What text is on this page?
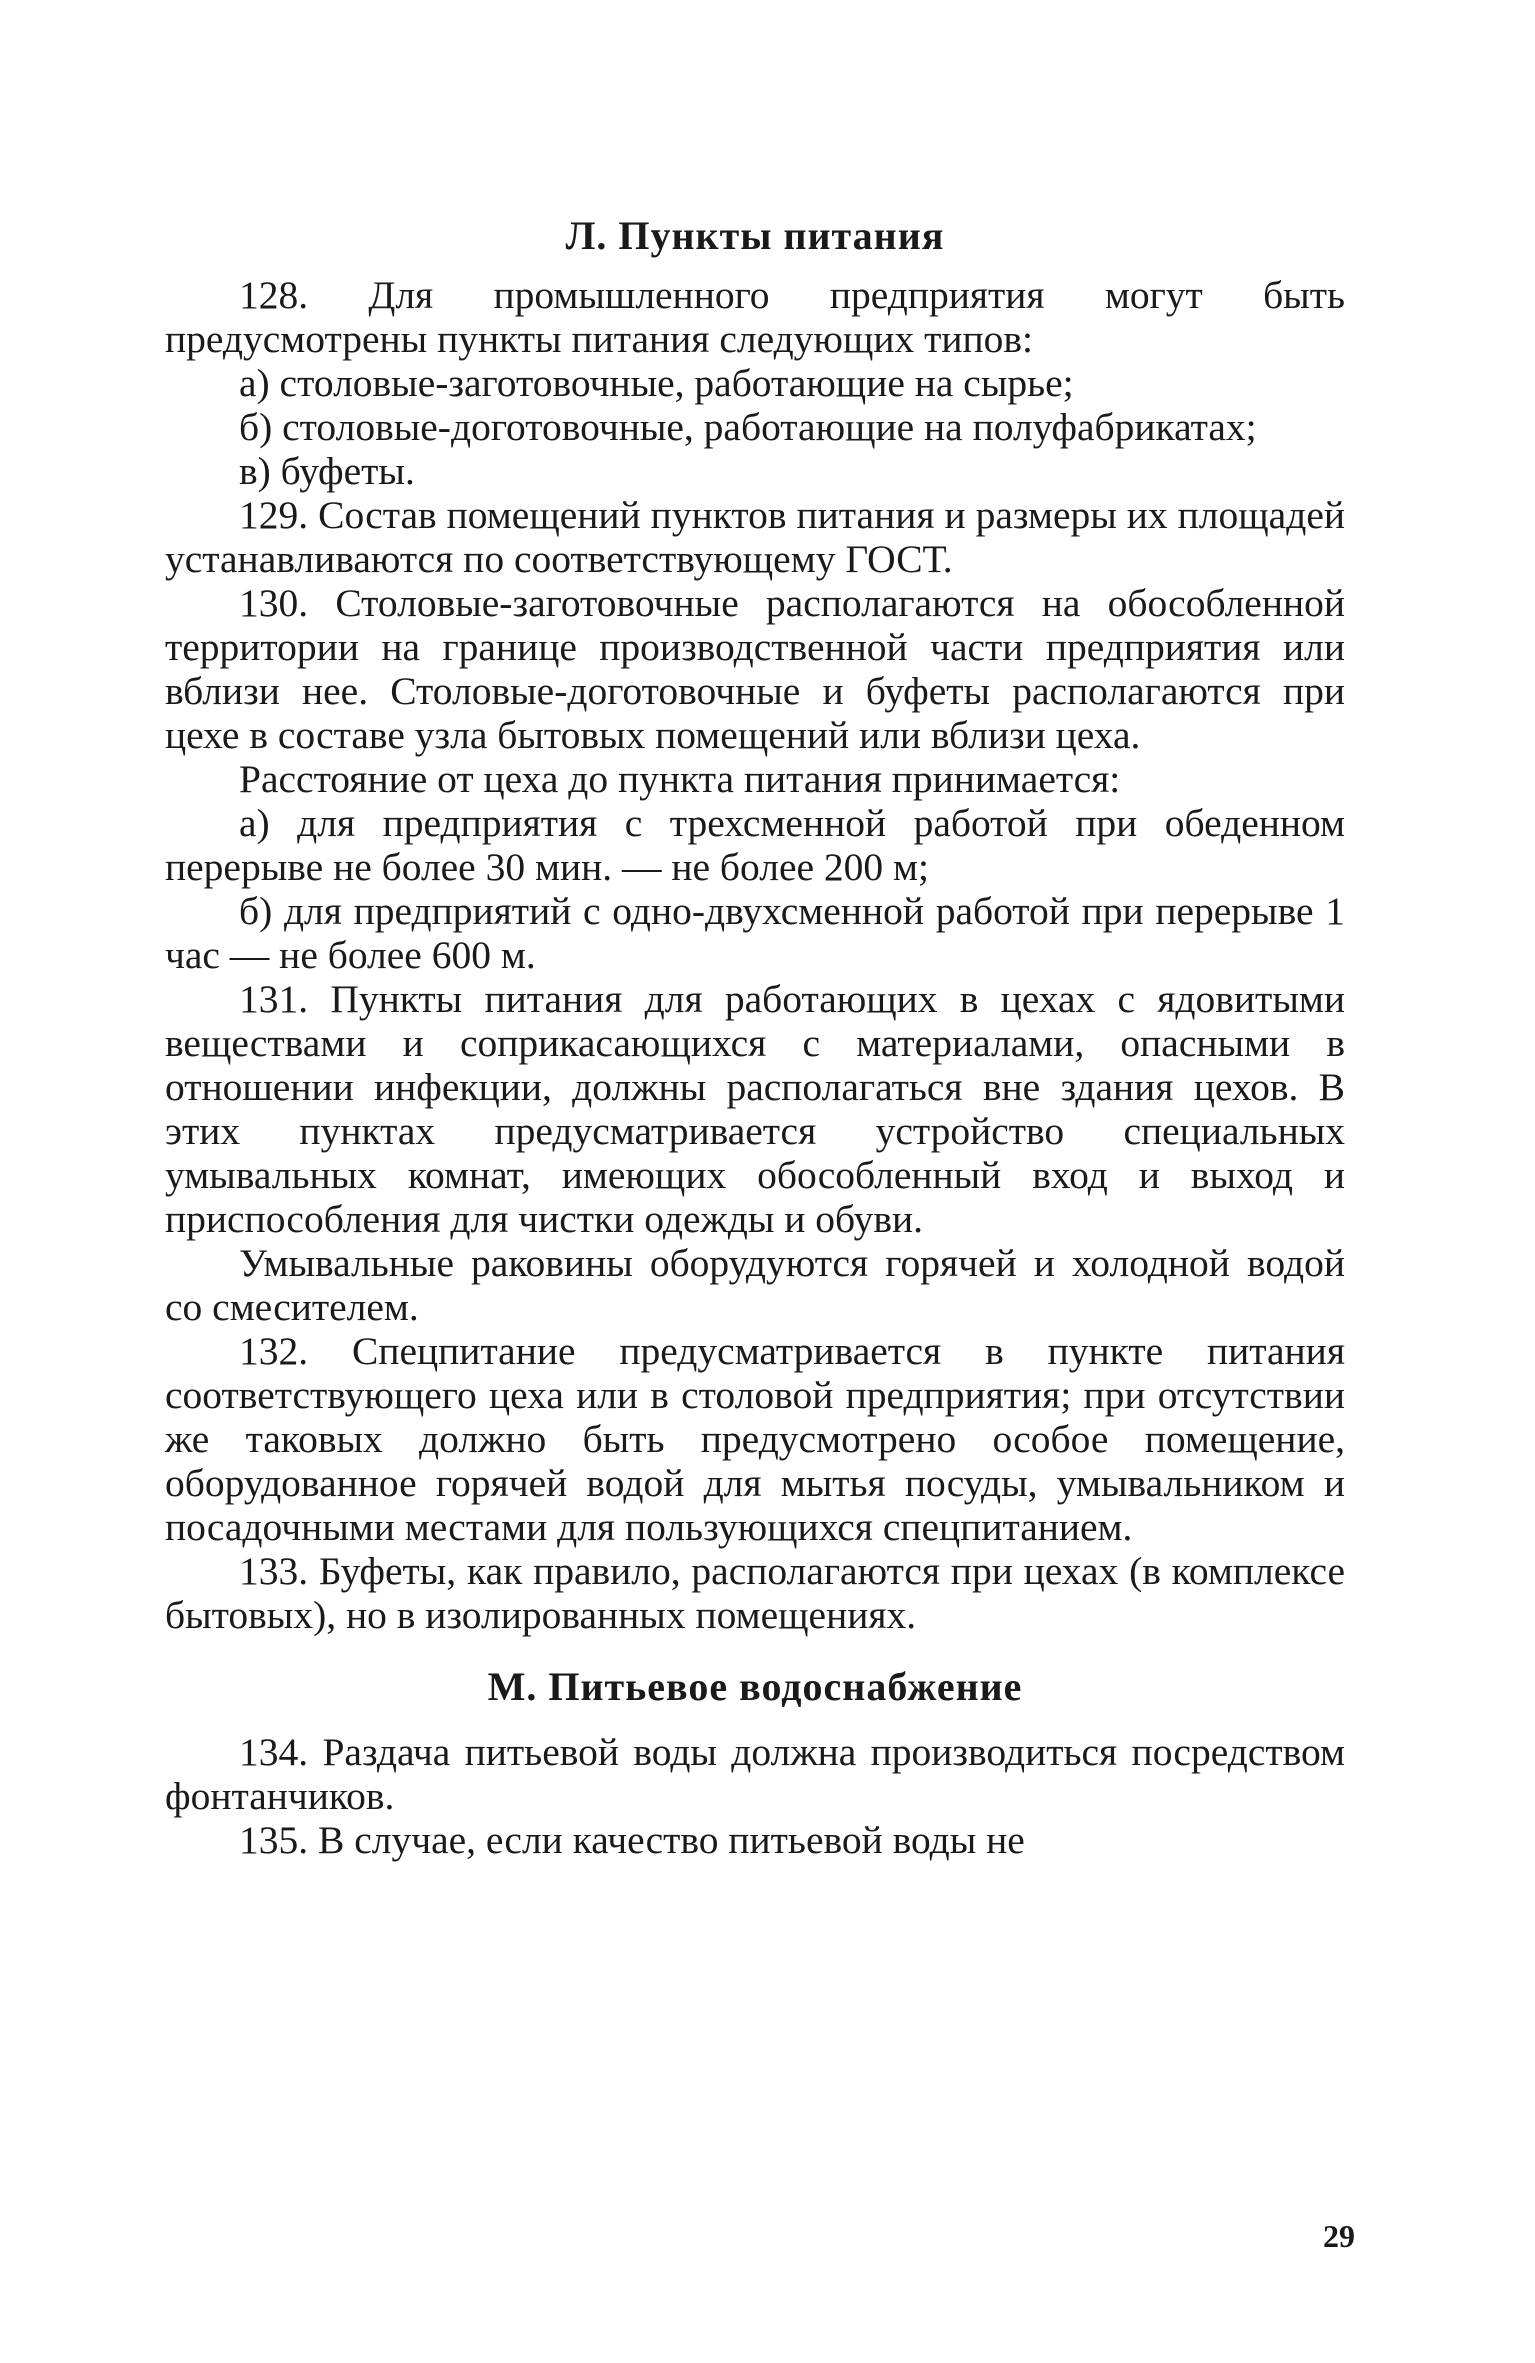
Л. Пункты питания

128. Для промышленного предприятия могут быть предусмотрены пункты питания следующих типов:

а) столовые-заготовочные, работающие на сырье;

б) столовые-доготовочные, работающие на полуфабрикатах;

в) буфеты.

129. Состав помещений пунктов питания и размеры их площадей устанавливаются по соответствующему ГОСТ.

130. Столовые-заготовочные располагаются на обособленной территории на границе производственной части предприятия или вблизи нее. Столовые-доготовочные и буфеты располагаются при цехе в составе узла бытовых помещений или вблизи цеха.

Расстояние от цеха до пункта питания принимается:

а) для предприятия с трехсменной работой при обеденном перерыве не более 30 мин. — не более 200 м;

б) для предприятий с одно-двухсменной работой при перерыве 1 час — не более 600 м.

131. Пункты питания для работающих в цехах с ядовитыми веществами и соприкасающихся с материалами, опасными в отношении инфекции, должны располагаться вне здания цехов. В этих пунктах предусматривается устройство специальных умывальных комнат, имеющих обособленный вход и выход и приспособления для чистки одежды и обуви.

Умывальные раковины оборудуются горячей и холодной водой со смесителем.

132. Спецпитание предусматривается в пункте питания соответствующего цеха или в столовой предприятия; при отсутствии же таковых должно быть предусмотрено особое помещение, оборудованное горячей водой для мытья посуды, умывальником и посадочными местами для пользующихся спецпитанием.

133. Буфеты, как правило, располагаются при цехах (в комплексе бытовых), но в изолированных помещениях.

М. Питьевое водоснабжение

134. Раздача питьевой воды должна производиться посредством фонтанчиков.

135. В случае, если качество питьевой воды не

29
